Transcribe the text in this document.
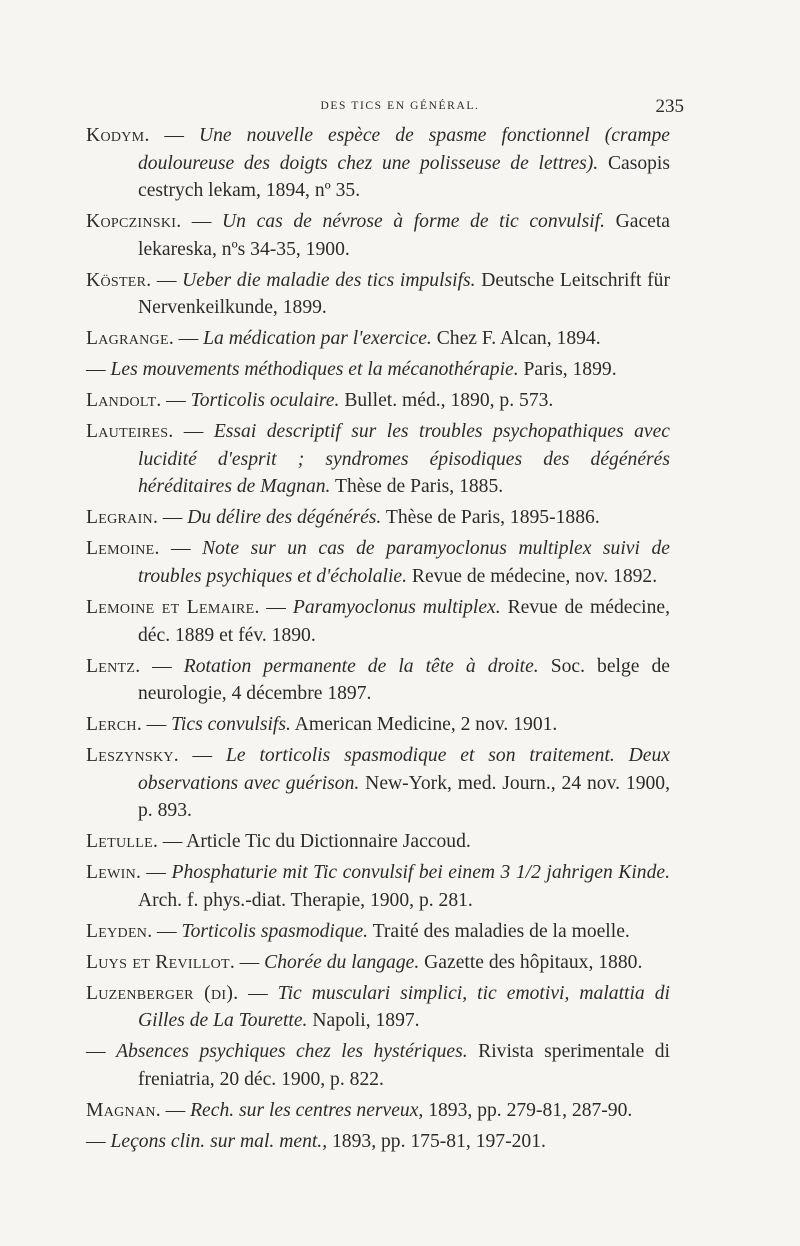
DES TICS EN GÉNÉRAL.	235
Kodym. — Une nouvelle espèce de spasme fonctionnel (crampe douloureuse des doigts chez une polisseuse de lettres). Casopis cestrych lekam, 1894, nº 35.
Kopczinski. — Un cas de névrose à forme de tic convulsif. Gaceta lekareska, nºs 34-35, 1900.
Köster. — Ueber die maladie des tics impulsifs. Deutsche Leitschrift für Nervenkeilkunde, 1899.
Lagrange. — La médication par l'exercice. Chez F. Alcan, 1894.
— Les mouvements méthodiques et la mécanothérapie. Paris, 1899.
Landolt. — Torticolis oculaire. Bullet. méd., 1890, p. 573.
Lauteires. — Essai descriptif sur les troubles psychopathiques avec lucidité d'esprit ; syndromes épisodiques des dégénérés héréditaires de Magnan. Thèse de Paris, 1885.
Legrain. — Du délire des dégénérés. Thèse de Paris, 1895-1886.
Lemoine. — Note sur un cas de paramyoclonus multiplex suivi de troubles psychiques et d'écholalie. Revue de médecine, nov. 1892.
Lemoine et Lemaire. — Paramyoclonus multiplex. Revue de médecine, déc. 1889 et fév. 1890.
Lentz. — Rotation permanente de la tête à droite. Soc. belge de neurologie, 4 décembre 1897.
Lerch. — Tics convulsifs. American Medicine, 2 nov. 1901.
Leszynsky. — Le torticolis spasmodique et son traitement. Deux observations avec guérison. New-York, med. Journ., 24 nov. 1900, p. 893.
Letulle. — Article Tic du Dictionnaire Jaccoud.
Lewin. — Phosphaturie mit Tic convulsif bei einem 3 1/2 jahrigen Kinde. Arch. f. phys.-diat. Therapie, 1900, p. 281.
Leyden. — Torticolis spasmodique. Traité des maladies de la moelle.
Luys et Revillot. — Chorée du langage. Gazette des hôpitaux, 1880.
Luzenberger (di). — Tic musculari simplici, tic emotivi, malattia di Gilles de La Tourette. Napoli, 1897.
— Absences psychiques chez les hystériques. Rivista sperimentale di freniatria, 20 déc. 1900, p. 822.
Magnan. — Rech. sur les centres nerveux, 1893, pp. 279-81, 287-90.
— Leçons clin. sur mal. ment., 1893, pp. 175-81, 197-201.
